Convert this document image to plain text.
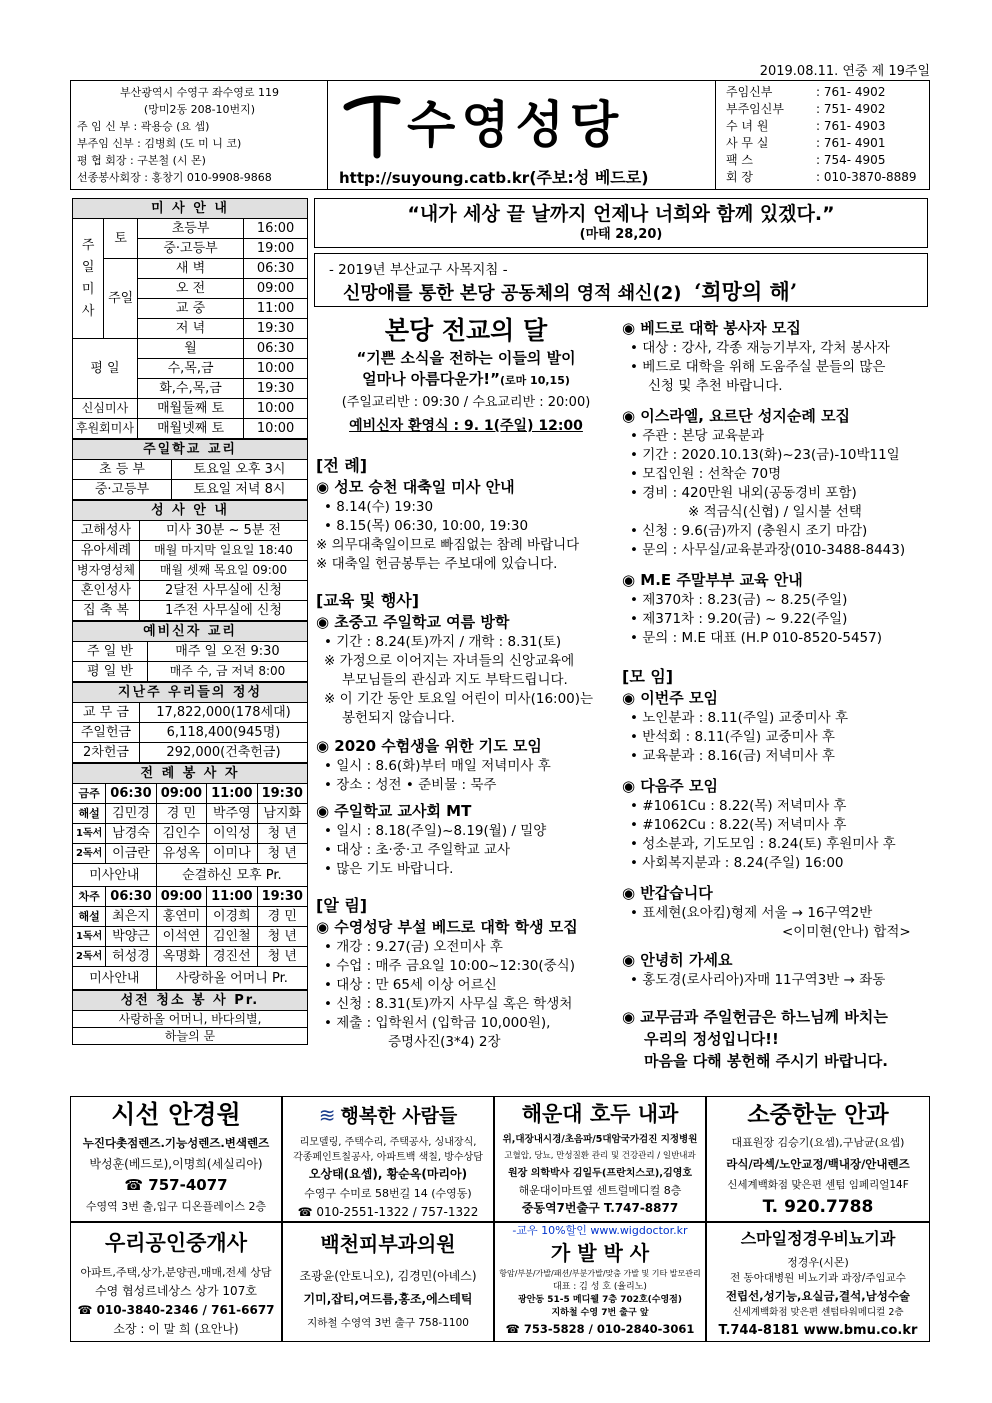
2019.08.11. 연중 제 19주일
부산광역시 수영구 좌수영로 119
(망미2동 208-10번지)
주 임 신 부 : 곽용승 (요 셉)
부주임 신부 : 김병희 (도 미 니 코)
평 협 회장 : 구본철 (시 몬)
선종봉사회장 : 홍창기 010-9908-9868
수영성당
http://suyoung.catb.kr(주보:성 베드로)
주임신부	: 761- 4902
부주임신부	: 751- 4902
수 녀 원	: 761- 4903
사 무 실	: 761- 4901
팩 스	: 754- 4905
회 장	: 010-3870-8889
미 사 안 내			
주일미사	토	초등부	16:00
		중·고등부	19:00
	주일	새 벽	06:30
		오 전	09:00
		교 중	11:00
		저 녁	19:30
평 일		월	06:30
		수,목,금	10:00
		화,수,목,금	19:30
신심미사		매월둘째 토	10:00
후원회미사		매월넷째 토	10:00
주일학교 교리	
초 등 부	토요일 오후 3시
중·고등부	토요일 저녁 8시
성 사 안 내	
고해성사	미사 30분 ~ 5분 전
유아세례	매월 마지막 일요일 18:40
병자영성체	매월 셋째 목요일 09:00
혼인성사	2달전 사무실에 신청
집 축 복	1주전 사무실에 신청
예비신자 교리	
주 일 반	매주 일 오전 9:30
평 일 반	매주 수, 금 저녁 8:00
지난주 우리들의 정성	
교 무 금	17,822,000(178세대)
주일헌금	6,118,400(945명)
2차헌금	292,000(건축헌금)
전 례 봉 사 자				
금주	06:30	09:00	11:00	19:30
해설	김민경	경 민	박주영	남지화
1독서	남경숙	김인수	이익성	청 년
2독서	이금란	유성옥	이미나	청 년
미사안내		순결하신 모후 Pr.		
차주	06:30	09:00	11:00	19:30
해설	최은지	홍연미	이경희	경 민
1독서	박양근	이석연	김인철	청 년
2독서	허성경	옥명화	경진선	청 년
미사안내		사랑하올 어머니 Pr.		
성전 청소 봉 사 Pr.
사랑하올 어머니, 바다의별,
하늘의 문
“내가 세상 끝 날까지 언제나 너희와 함께 있겠다.”
(마태 28,20)
- 2019년 부산교구 사목지침 -
신망애를 통한 본당 공동체의 영적 쇄신(2) ‘희망의 해’
본당 전교의 달
“기쁜 소식을 전하는 이들의 발이
얼마나 아름다운가!”(로마 10,15)
(주일교리반 : 09:30 / 수요교리반 : 20:00)
예비신자 환영식 : 9. 1(주일) 12:00
[전 례]
◉ 성모 승천 대축일 미사 안내
• 8.14(수) 19:30
• 8.15(목) 06:30, 10:00, 19:30
※ 의무대축일이므로 빠짐없는 참례 바랍니다
※ 대축일 헌금봉투는 주보대에 있습니다.
[교육 및 행사]
◉ 초중고 주일학교 여름 방학
• 기간 : 8.24(토)까지 / 개학 : 8.31(토)
※ 가정으로 이어지는 자녀들의 신앙교육에
부모님들의 관심과 지도 부탁드립니다.
※ 이 기간 동안 토요일 어린이 미사(16:00)는
봉헌되지 않습니다.
◉ 2020 수험생을 위한 기도 모임
• 일시 : 8.6(화)부터 매일 저녁미사 후
• 장소 : 성전 • 준비물 : 묵주
◉ 주일학교 교사회 MT
• 일시 : 8.18(주일)~8.19(월) / 밀양
• 대상 : 초·중·고 주일학교 교사
• 많은 기도 바랍니다.
[알 림]
◉ 수영성당 부설 베드로 대학 학생 모집
• 개강 : 9.27(금) 오전미사 후
• 수업 : 매주 금요일 10:00~12:30(중식)
• 대상 : 만 65세 이상 어르신
• 신청 : 8.31(토)까지 사무실 혹은 학생처
• 제출 : 입학원서 (입학금 10,000원),
증명사진(3*4) 2장
◉ 베드로 대학 봉사자 모집
• 대상 : 강사, 각종 재능기부자, 각처 봉사자
• 베드로 대학을 위해 도움주실 분들의 많은
신청 및 추천 바랍니다.
◉ 이스라엘, 요르단 성지순례 모집
• 주관 : 본당 교육분과
• 기간 : 2020.10.13(화)~23(금)-10박11일
• 모집인원 : 선착순 70명
• 경비 : 420만원 내외(공동경비 포함)
※ 적금식(신협) / 일시불 선택
• 신청 : 9.6(금)까지 (충원시 조기 마감)
• 문의 : 사무실/교육분과장(010-3488-8443)
◉ M.E 주말부부 교육 안내
• 제370차 : 8.23(금) ~ 8.25(주일)
• 제371차 : 9.20(금) ~ 9.22(주일)
• 문의 : M.E 대표 (H.P 010-8520-5457)
[모 임]
◉ 이번주 모임
• 노인분과 : 8.11(주일) 교중미사 후
• 반석회 : 8.11(주일) 교중미사 후
• 교육분과 : 8.16(금) 저녁미사 후
◉ 다음주 모임
• #1061Cu : 8.22(목) 저녁미사 후
• #1062Cu : 8.22(목) 저녁미사 후
• 성소분과, 기도모임 : 8.24(토) 후원미사 후
• 사회복지분과 : 8.24(주일) 16:00
◉ 반갑습니다
• 표세현(요아킴)형제 서울 → 16구역2반
<이미현(안나) 합적>
◉ 안녕히 가세요
• 홍도경(로사리아)자매 11구역3반 → 좌동
◉ 교무금과 주일헌금은 하느님께 바치는
우리의 정성입니다!!
마음을 다해 봉헌해 주시기 바랍니다.
시선 안경원
누진다촛점렌즈.기능성렌즈.변색렌즈
박성훈(베드로),이명희(세실리아)
☎ 757-4077
수영역 3번 출,입구 디온플레이스 2층
≋ 행복한 사람들
리모델링, 주택수리, 주택공사, 싱내장식,
각종페인트칠공사, 아파트백 색칠, 방수상담
오상태(요셉), 황순옥(마리아)
수영구 수미로 58번길 14 (수영동)
☎ 010-2551-1322 / 757-1322
해운대 호두 내과
위,대장내시경/초음파/5대암국가검진 지정병원
고혈압, 당뇨, 만성질환 관리 및 건강관리 / 일반내과
원장 의학박사 김일두(프란치스코),김영호
해운대이마트옆 센트럴메디컬 8층
중동역7번출구 T.747-8877
소중한눈 안과
대표원장 김승기(요셉),구남균(요셉)
라식/라섹/노안교정/백내장/안내렌즈
신세계백화점 맞은편 센텀 임페리얼14F
T. 920.7788
우리공인중개사
아파트,주택,상가,분양권,매매,전세 상담
수영 협성르네상스 상가 107호
☎ 010-3840-2346 / 761-6677
소장 : 이 말 희 (요안나)
백천피부과의원
조광윤(안토니오), 김경민(아녜스)
기미,잡티,여드름,홍조,에스테틱
지하철 수영역 3번 출구 758-1100
-교우 10%할인 www.wigdoctor.kr
가 발 박 사
항암/부분/가발/패션/부분가발/맞춤 가발 및 기타 발모관리
대표 : 김 성 호 (율리노)
광안동 51-5 메디웰 7층 702호(수영점)
지하철 수영 7번 출구 앞
☎ 753-5828 / 010-2840-3061
스마일정경우비뇨기과
정경우(시몬)
전 동아대병원 비뇨기과 과장/주임교수
전립선,성기능,요실금,결석,남성수술
신세계백화점 맞은편 센텀타워메디컬 2층
T.744-8181 www.bmu.co.kr
